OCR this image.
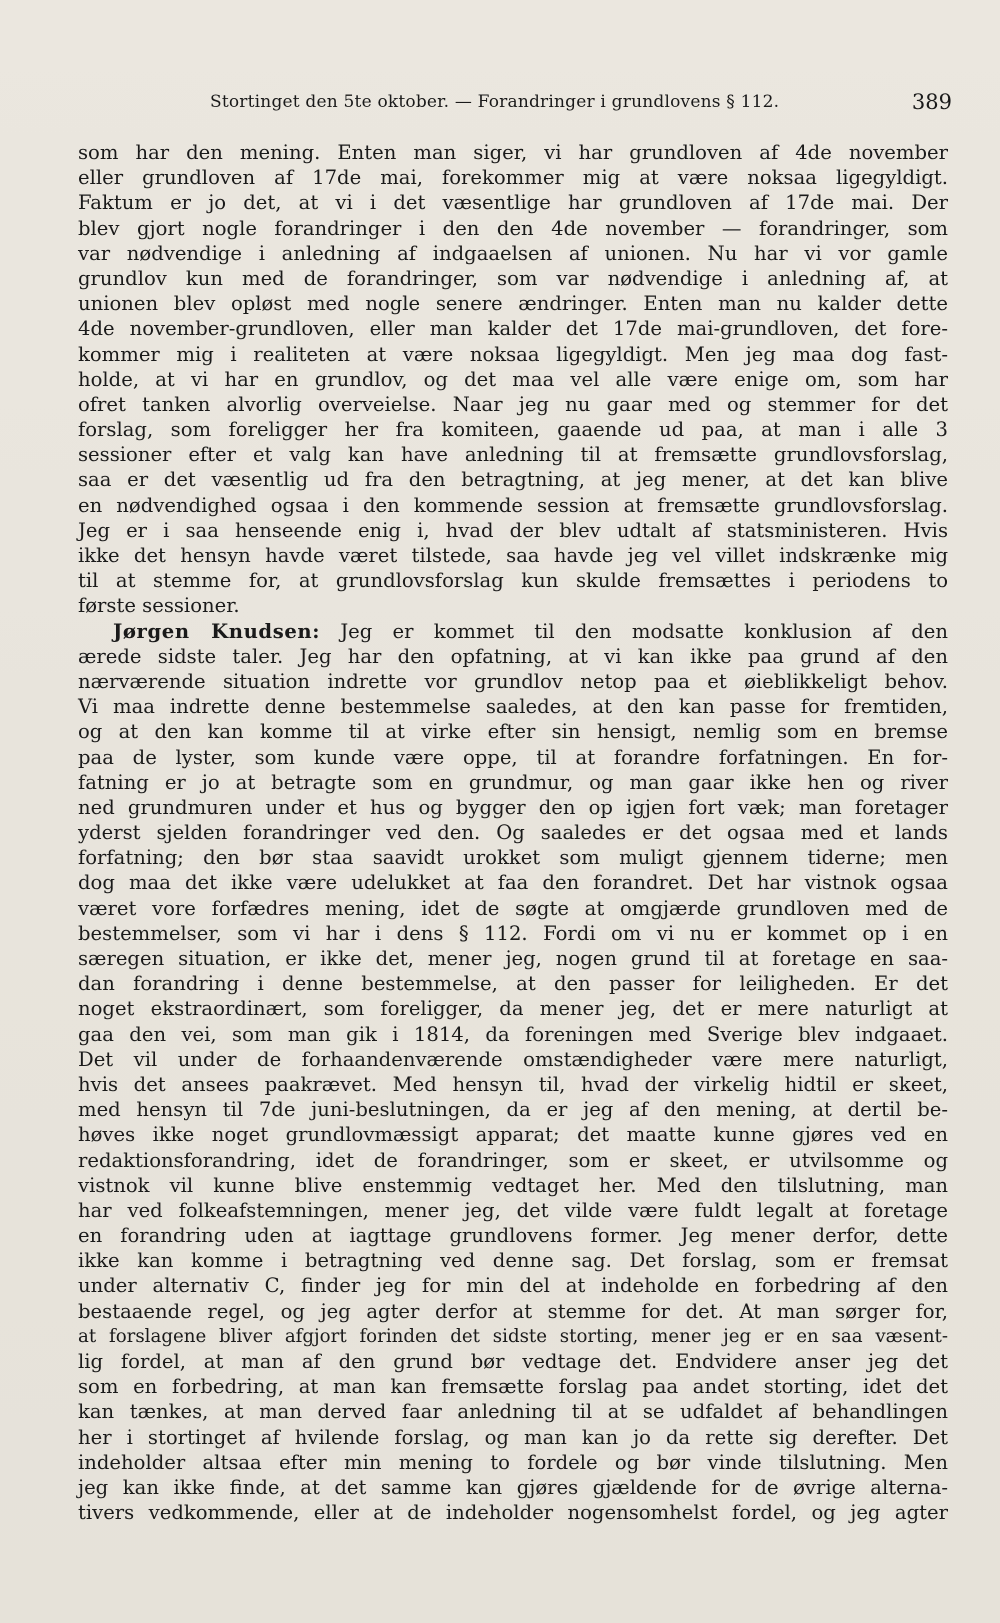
Stortinget den 5te oktober. — Forandringer i grundlovens § 112.	389
som har den mening. Enten man siger, vi har grundloven af 4de november
eller grundloven af 17de mai, forekommer mig at være noksaa ligegyldigt.
Faktum er jo det, at vi i det væsentlige har grundloven af 17de mai. Der
blev gjort nogle forandringer i den den 4de november — forandringer, som
var nødvendige i anledning af indgaaelsen af unionen. Nu har vi vor gamle
grundlov kun med de forandringer, som var nødvendige i anledning af, at
unionen blev opløst med nogle senere ændringer. Enten man nu kalder dette
4de november-grundloven, eller man kalder det 17de mai-grundloven, det fore-
kommer mig i realiteten at være noksaa ligegyldigt. Men jeg maa dog fast-
holde, at vi har en grundlov, og det maa vel alle være enige om, som har
ofret tanken alvorlig overveielse. Naar jeg nu gaar med og stemmer for det
forslag, som foreligger her fra komiteen, gaaende ud paa, at man i alle 3
sessioner efter et valg kan have anledning til at fremsætte grundlovsforslag,
saa er det væsentlig ud fra den betragtning, at jeg mener, at det kan blive
en nødvendighed ogsaa i den kommende session at fremsætte grundlovsforslag.
Jeg er i saa henseende enig i, hvad der blev udtalt af statsministeren. Hvis
ikke det hensyn havde været tilstede, saa havde jeg vel villet indskrænke mig
til at stemme for, at grundlovsforslag kun skulde fremsættes i periodens to
første sessioner.
Jørgen Knudsen: Jeg er kommet til den modsatte konklusion af den
ærede sidste taler. Jeg har den opfatning, at vi kan ikke paa grund af den
nærværende situation indrette vor grundlov netop paa et øieblikkeligt behov.
Vi maa indrette denne bestemmelse saaledes, at den kan passe for fremtiden,
og at den kan komme til at virke efter sin hensigt, nemlig som en bremse
paa de lyster, som kunde være oppe, til at forandre forfatningen. En for-
fatning er jo at betragte som en grundmur, og man gaar ikke hen og river
ned grundmuren under et hus og bygger den op igjen fort væk; man foretager
yderst sjelden forandringer ved den. Og saaledes er det ogsaa med et lands
forfatning; den bør staa saavidt urokket som muligt gjennem tiderne; men
dog maa det ikke være udelukket at faa den forandret. Det har vistnok ogsaa
været vore forfædres mening, idet de søgte at omgjærde grundloven med de
bestemmelser, som vi har i dens § 112. Fordi om vi nu er kommet op i en
særegen situation, er ikke det, mener jeg, nogen grund til at foretage en saa-
dan forandring i denne bestemmelse, at den passer for leiligheden. Er det
noget ekstraordinært, som foreligger, da mener jeg, det er mere naturligt at
gaa den vei, som man gik i 1814, da foreningen med Sverige blev indgaaet.
Det vil under de forhaandenværende omstændigheder være mere naturligt,
hvis det ansees paakrævet. Med hensyn til, hvad der virkelig hidtil er skeet,
med hensyn til 7de juni-beslutningen, da er jeg af den mening, at dertil be-
høves ikke noget grundlovmæssigt apparat; det maatte kunne gjøres ved en
redaktionsforandring, idet de forandringer, som er skeet, er utvilsomme og
vistnok vil kunne blive enstemmig vedtaget her. Med den tilslutning, man
har ved folkeafstemningen, mener jeg, det vilde være fuldt legalt at foretage
en forandring uden at iagttage grundlovens former. Jeg mener derfor, dette
ikke kan komme i betragtning ved denne sag. Det forslag, som er fremsat
under alternativ C, finder jeg for min del at indeholde en forbedring af den
bestaaende regel, og jeg agter derfor at stemme for det. At man sørger for,
at forslagene bliver afgjort forinden det sidste storting, mener jeg er en saa væsent-
lig fordel, at man af den grund bør vedtage det. Endvidere anser jeg det
som en forbedring, at man kan fremsætte forslag paa andet storting, idet det
kan tænkes, at man derved faar anledning til at se udfaldet af behandlingen
her i stortinget af hvilende forslag, og man kan jo da rette sig derefter. Det
indeholder altsaa efter min mening to fordele og bør vinde tilslutning. Men
jeg kan ikke finde, at det samme kan gjøres gjældende for de øvrige alterna-
tivers vedkommende, eller at de indeholder nogensomhelst fordel, og jeg agter
